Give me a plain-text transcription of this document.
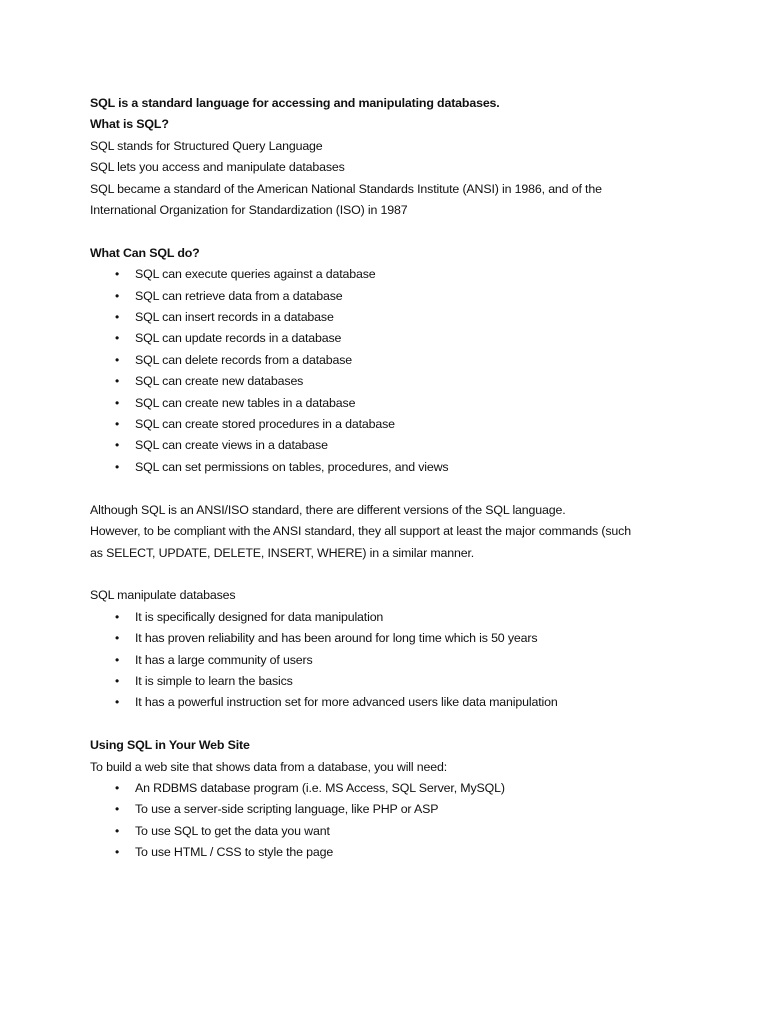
SQL is a standard language for accessing and manipulating databases.

What is SQL?

SQL stands for Structured Query Language

SQL lets you access and manipulate databases

SQL became a standard of the American National Standards Institute (ANSI) in 1986, and of the

International Organization for Standardization (ISO) in 1987

What Can SQL do?

• SQL can execute queries against a database
• SQL can retrieve data from a database
• SQL can insert records in a database
• SQL can update records in a database
• SQL can delete records from a database
• SQL can create new databases
• SQL can create new tables in a database
• SQL can create stored procedures in a database
• SQL can create views in a database
• SQL can set permissions on tables, procedures, and views

Although SQL is an ANSI/ISO standard, there are different versions of the SQL language.

However, to be compliant with the ANSI standard, they all support at least the major commands (such

as SELECT, UPDATE, DELETE, INSERT, WHERE) in a similar manner.

SQL manipulate databases

• It is specifically designed for data manipulation
• It has proven reliability and has been around for long time which is 50 years
• It has a large community of users
• It is simple to learn the basics
• It has a powerful instruction set for more advanced users like data manipulation

Using SQL in Your Web Site

To build a web site that shows data from a database, you will need:

• An RDBMS database program (i.e. MS Access, SQL Server, MySQL)
• To use a server-side scripting language, like PHP or ASP
• To use SQL to get the data you want
• To use HTML / CSS to style the page
